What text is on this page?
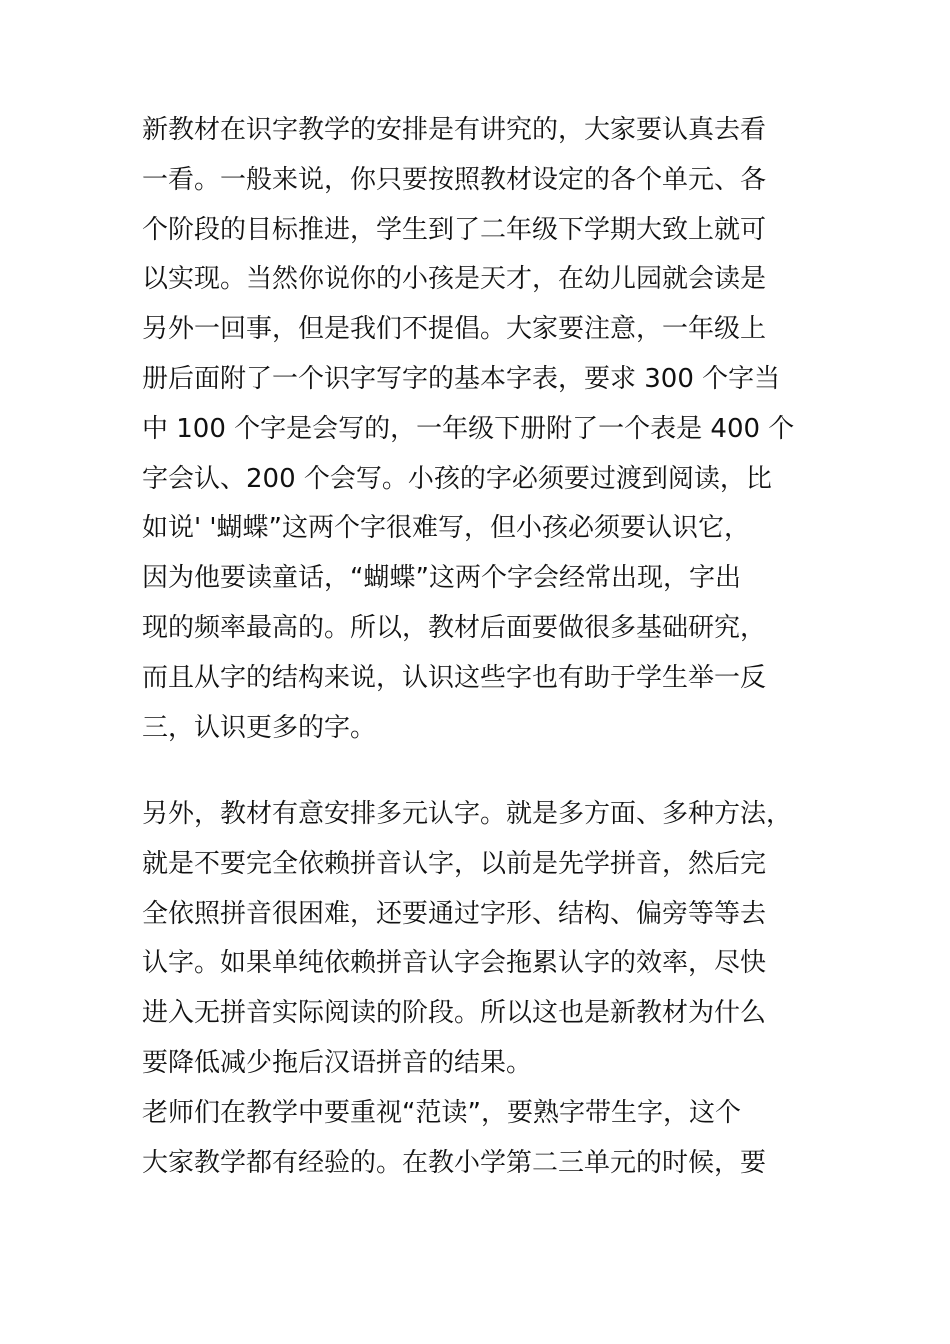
新教材在识字教学的安排是有讲究的，大家要认真去看
一看。一般来说，你只要按照教材设定的各个单元、各
个阶段的目标推进，学生到了二年级下学期大致上就可
以实现。当然你说你的小孩是天才，在幼儿园就会读是
另外一回事，但是我们不提倡。大家要注意，一年级上
册后面附了一个识字写字的基本字表，要求 300 个字当
中 100 个字是会写的，一年级下册附了一个表是 400 个
字会认、200 个会写。小孩的字必须要过渡到阅读，比
如说' '蝴蝶”这两个字很难写，但小孩必须要认识它，
因为他要读童话，“蝴蝶”这两个字会经常出现，字出
现的频率最高的。所以，教材后面要做很多基础研究，
而且从字的结构来说，认识这些字也有助于学生举一反
三，认识更多的字。
另外，教材有意安排多元认字。就是多方面、多种方法，
就是不要完全依赖拼音认字，以前是先学拼音，然后完
全依照拼音很困难，还要通过字形、结构、偏旁等等去
认字。如果单纯依赖拼音认字会拖累认字的效率，尽快
进入无拼音实际阅读的阶段。所以这也是新教材为什么
要降低减少拖后汉语拼音的结果。
老师们在教学中要重视“范读”，要熟字带生字，这个
大家教学都有经验的。在教小学第二三单元的时候，要
